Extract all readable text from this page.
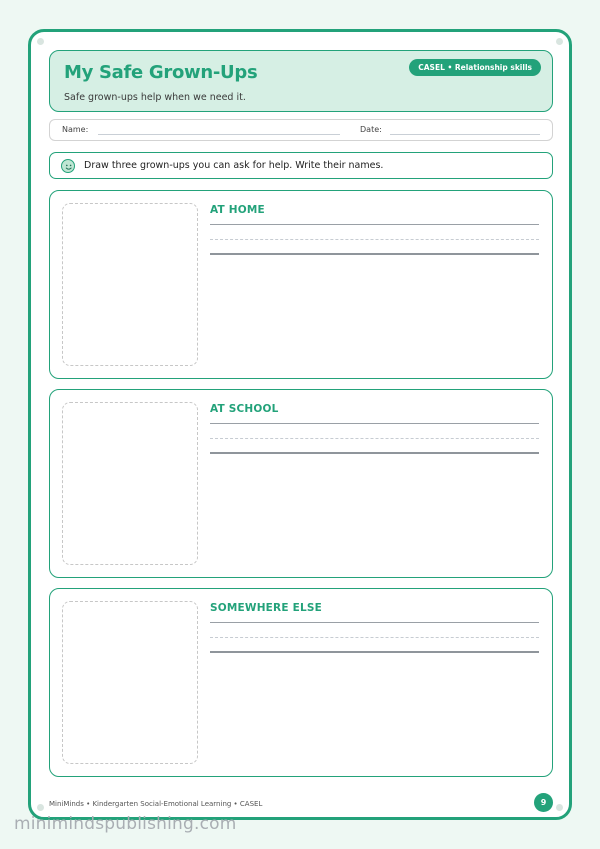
My Safe Grown-Ups
Safe grown-ups help when we need it.
CASEL • Relationship skills
Name:	Date:
Draw three grown-ups you can ask for help. Write their names.
AT HOME
AT SCHOOL
SOMEWHERE ELSE
MiniMinds • Kindergarten Social-Emotional Learning • CASEL	9
minimindspublishing.com
